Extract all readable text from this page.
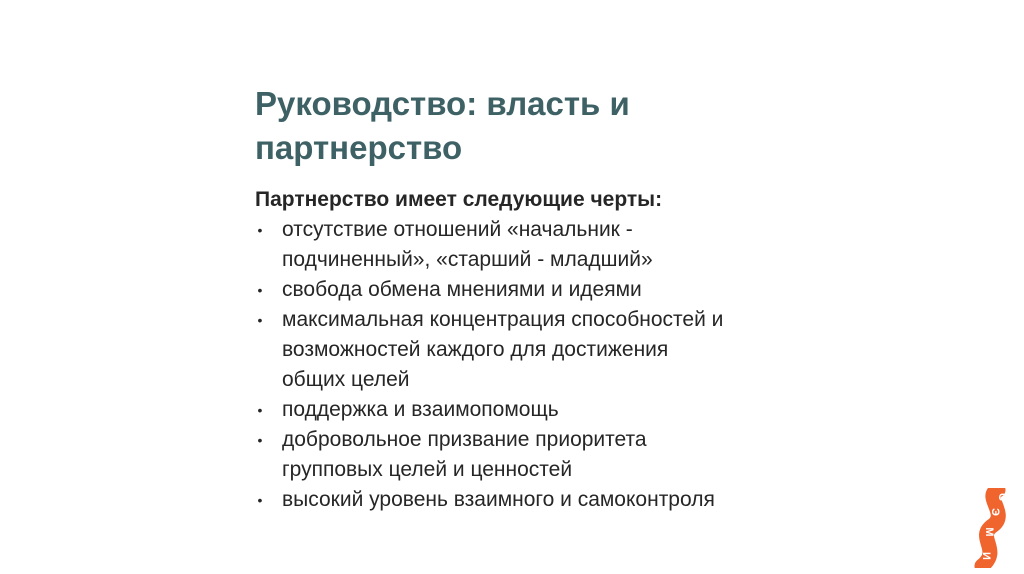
Руководство: власть и
партнерство

Партнерство имеет следующие черты:

• отсутствие отношений «начальник -
подчиненный», «старший - младший»
• свобода обмена мнениями и идеями
• максимальная концентрация способностей и
возможностей каждого для достижения
общих целей
• поддержка и взаимопомощь
• добровольное призвание приоритета
групповых целей и ценностей
• высокий уровень взаимного и самоконтроля	С
Э
М
И
